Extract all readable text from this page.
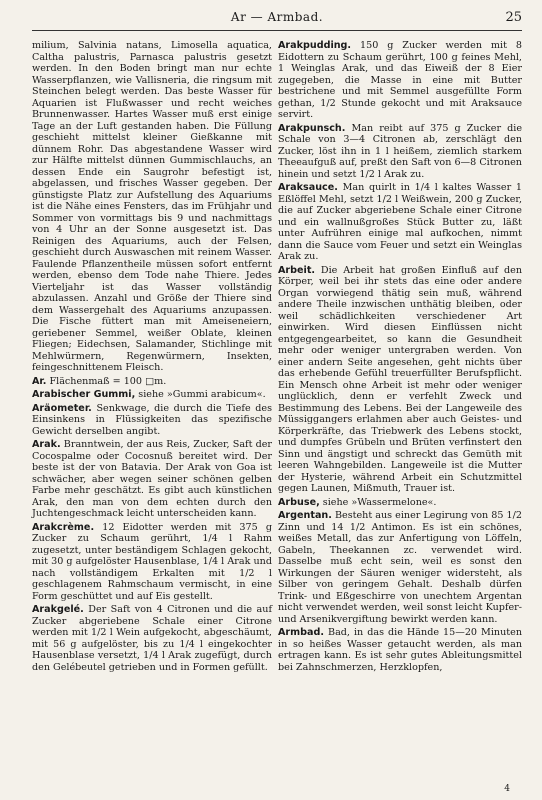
Ar — Armbad.	25

milium, Salvinia natans, Limosella aquatica, Caltha palustris, Parnasca palustris gesetzt werden. In den Boden bringt man nur echte Wasserpflanzen, wie Vallisneria, die ringsum mit Steinchen belegt werden. Das beste Wasser für Aquarien ist Flußwasser und recht weiches Brunnenwasser. Hartes Wasser muß erst einige Tage an der Luft gestanden haben. Die Füllung geschieht mittelst kleiner Gießkanne mit dünnem Rohr. Das abgestandene Wasser wird zur Hälfte mittelst dünnen Gummischlauchs, an dessen Ende ein Saugrohr befestigt ist, abgelassen, und frisches Wasser gegeben. Der günstigste Platz zur Aufstellung des Aquariums ist die Nähe eines Fensters, das im Frühjahr und Sommer von vormittags bis 9 und nachmittags von 4 Uhr an der Sonne ausgesetzt ist. Das Reinigen des Aquariums, auch der Felsen, geschieht durch Auswaschen mit reinem Wasser. Faulende Pflanzentheile müssen sofort entfernt werden, ebenso dem Tode nahe Thiere. Jedes Vierteljahr ist das Wasser vollständig abzulassen. Anzahl und Größe der Thiere sind dem Wassergehalt des Aquariums anzupassen. Die Fische füttert man mit Ameiseneiern, geriebener Semmel, weißer Oblate, kleinen Fliegen; Eidechsen, Salamander, Stichlinge mit Mehlwürmern, Regenwürmern, Insekten, feingeschnittenem Fleisch.

Ar. Flächenmaß = 100 □m.

Arabischer Gummi, siehe »Gummi arabicum«.

Aräometer. Senkwage, die durch die Tiefe des Einsinkens in Flüssigkeiten das spezifische Gewicht derselben angibt.

Arak. Branntwein, der aus Reis, Zucker, Saft der Cocospalme oder Cocosnuß bereitet wird. Der beste ist der von Batavia. Der Arak von Goa ist schwächer, aber wegen seiner schönen gelben Farbe mehr geschätzt. Es gibt auch künstlichen Arak, den man von dem echten durch den Juchtengeschmack leicht unterscheiden kann.

Arakcrème. 12 Eidotter werden mit 375 g Zucker zu Schaum gerührt, 1/4 l Rahm zugesetzt, unter beständigem Schlagen gekocht, mit 30 g aufgelöster Hausenblase, 1/4 l Arak und nach vollständigem Erkalten mit 1/2 l geschlagenem Rahmschaum vermischt, in eine Form geschüttet und auf Eis gestellt.

Arakgelé. Der Saft von 4 Citronen und die auf Zucker abgeriebene Schale einer Citrone werden mit 1/2 l Wein aufgekocht, abgeschäumt, mit 56 g aufgelöster, bis zu 1/4 l eingekochter Hausenblase versetzt, 1/4 l Arak zugefügt, durch den Gelébeutel getrieben und in Formen gefüllt.

Arakpudding. 150 g Zucker werden mit 8 Eidottern zu Schaum gerührt, 100 g feines Mehl, 1 Weinglas Arak, und das Eiweiß der 8 Eier zugegeben, die Masse in eine mit Butter bestrichene und mit Semmel ausgefüllte Form gethan, 1/2 Stunde gekocht und mit Araksauce servirt.

Arakpunsch. Man reibt auf 375 g Zucker die Schale von 3—4 Citronen ab, zerschlägt den Zucker, löst ihn in 1 l heißem, ziemlich starkem Theeaufguß auf, preßt den Saft von 6—8 Citronen hinein und setzt 1/2 l Arak zu.

Araksauce. Man quirlt in 1/4 l kaltes Wasser 1 Eßlöffel Mehl, setzt 1/2 l Weißwein, 200 g Zucker, die auf Zucker abgeriebene Schale einer Citrone und ein wallnußgroßes Stück Butter zu, läßt unter Aufrühren einige mal aufkochen, nimmt dann die Sauce vom Feuer und setzt ein Weinglas Arak zu.

Arbeit. Die Arbeit hat großen Einfluß auf den Körper, weil bei ihr stets das eine oder andere Organ vorwiegend thätig sein muß, während andere Theile inzwischen unthätig bleiben, oder weil schädlichkeiten verschiedener Art einwirken. Wird diesen Einflüssen nicht entgegengearbeitet, so kann die Gesundheit mehr oder weniger untergraben werden. Von einer andern Seite angesehen, geht nichts über das erhebende Gefühl treuerfüllter Berufspflicht. Ein Mensch ohne Arbeit ist mehr oder weniger unglücklich, denn er verfehlt Zweck und Bestimmung des Lebens. Bei der Langeweile des Müssiggangers erlahmen aber auch Geistes- und Körperkräfte, das Triebwerk des Lebens stockt, und dumpfes Grübeln und Brüten verfinstert den Sinn und ängstigt und schreckt das Gemüth mit leeren Wahngebilden. Langeweile ist die Mutter der Hysterie, während Arbeit ein Schutzmittel gegen Launen, Mißmuth, Trauer ist.

Arbuse, siehe »Wassermelone«.

Argentan. Besteht aus einer Legirung von 85 1/2 Zinn und 14 1/2 Antimon. Es ist ein schönes, weißes Metall, das zur Anfertigung von Löffeln, Gabeln, Theekannen zc. verwendet wird. Dasselbe muß echt sein, weil es sonst den Wirkungen der Säuren weniger widersteht, als Silber von geringem Gehalt. Deshalb dürfen Trink- und Eßgeschirre von unechtem Argentan nicht verwendet werden, weil sonst leicht Kupfer- und Arsenikvergiftung bewirkt werden kann.

Armbad. Bad, in das die Hände 15—20 Minuten in so heißes Wasser getaucht werden, als man ertragen kann. Es ist sehr gutes Ableitungsmittel bei Zahnschmerzen, Herzklopfen,

4
